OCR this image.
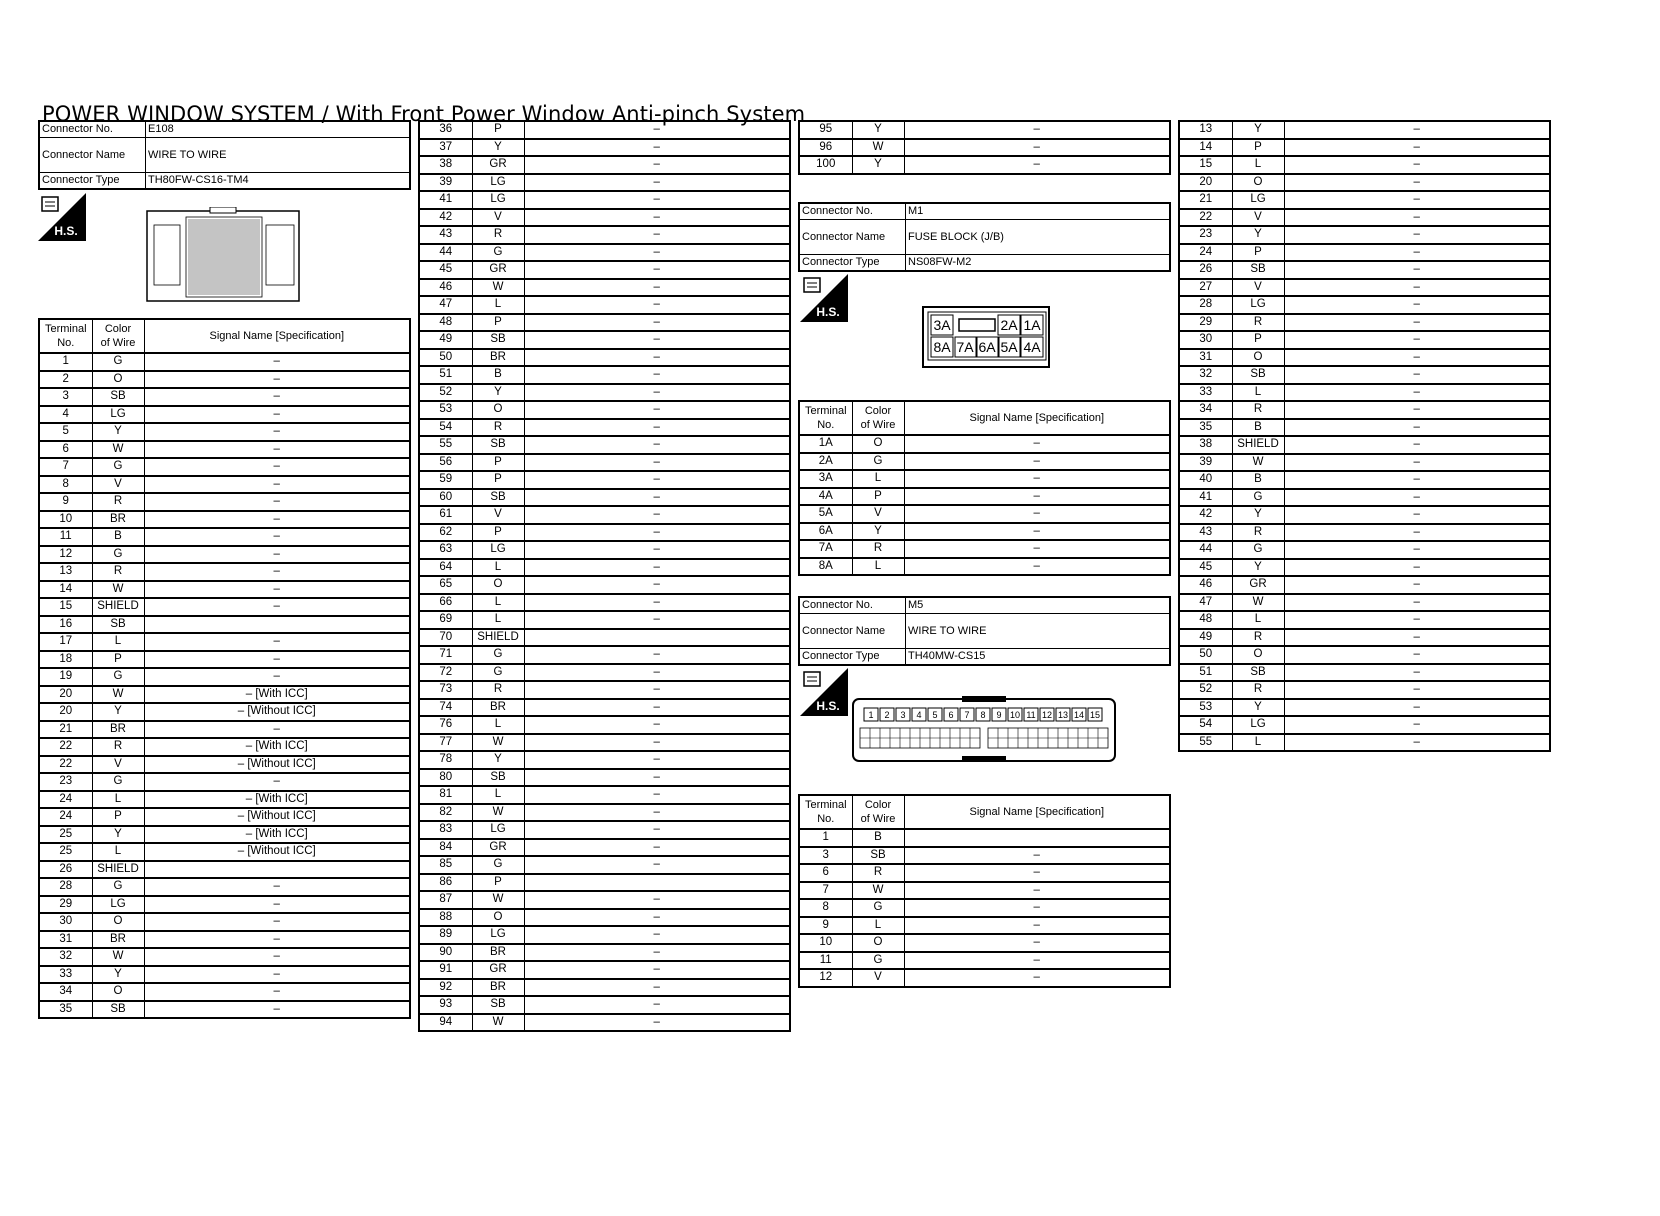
POWER WINDOW SYSTEM / With Front Power Window Anti-pinch System
Connector No.	E108
Connector Name	WIRE TO WIRE
Connector Type	TH80FW-CS16-TM4
H.S.
Terminal
No.	Color
of Wire	Signal Name [Specification]
1	G	–
2	O	–
3	SB	–
4	LG	–
5	Y	–
6	W	–
7	G	–
8	V	–
9	R	–
10	BR	–
11	B	–
12	G	–
13	R	–
14	W	–
15	SHIELD	–
16	SB	
17	L	–
18	P	–
19	G	–
20	W	– [With ICC]
20	Y	– [Without ICC]
21	BR	–
22	R	– [With ICC]
22	V	– [Without ICC]
23	G	–
24	L	– [With ICC]
24	P	– [Without ICC]
25	Y	– [With ICC]
25	L	– [Without ICC]
26	SHIELD	
28	G	–
29	LG	–
30	O	–
31	BR	–
32	W	–
33	Y	–
34	O	–
35	SB	–
36	P	–
37	Y	–
38	GR	–
39	LG	–
41	LG	–
42	V	–
43	R	–
44	G	–
45	GR	–
46	W	–
47	L	–
48	P	–
49	SB	–
50	BR	–
51	B	–
52	Y	–
53	O	–
54	R	–
55	SB	–
56	P	–
59	P	–
60	SB	–
61	V	–
62	P	–
63	LG	–
64	L	–
65	O	–
66	L	–
69	L	–
70	SHIELD	
71	G	–
72	G	–
73	R	–
74	BR	–
76	L	–
77	W	–
78	Y	–
80	SB	–
81	L	–
82	W	–
83	LG	–
84	GR	–
85	G	–
86	P	
87	W	–
88	O	–
89	LG	–
90	BR	–
91	GR	–
92	BR	–
93	SB	–
94	W	–
95	Y	–
96	W	–
100	Y	–
Connector No.	M1
Connector Name	FUSE BLOCK (J/B)
Connector Type	NS08FW-M2
H.S.
3A	2A 1A
8A 7A 6A 5A 4A
Terminal
No.	Color
of Wire	Signal Name [Specification]
1A	O	–
2A	G	–
3A	L	–
4A	P	–
5A	V	–
6A	Y	–
7A	R	–
8A	L	–
Connector No.	M5
Connector Name	WIRE TO WIRE
Connector Type	TH40MW-CS15
H.S.
1 2 3 4 5 6 7 8 9 10 11 12 13 14 15
Terminal
No.	Color
of Wire	Signal Name [Specification]
1	B	
3	SB	–
6	R	–
7	W	–
8	G	–
9	L	–
10	O	–
11	G	–
12	V	–
13	Y	–
14	P	–
15	L	–
20	O	–
21	LG	–
22	V	–
23	Y	–
24	P	–
26	SB	–
27	V	–
28	LG	–
29	R	–
30	P	–
31	O	–
32	SB	–
33	L	–
34	R	–
35	B	–
38	SHIELD	–
39	W	–
40	B	–
41	G	–
42	Y	–
43	R	–
44	G	–
45	Y	–
46	GR	–
47	W	–
48	L	–
49	R	–
50	O	–
51	SB	–
52	R	–
53	Y	–
54	LG	–
55	L	–
